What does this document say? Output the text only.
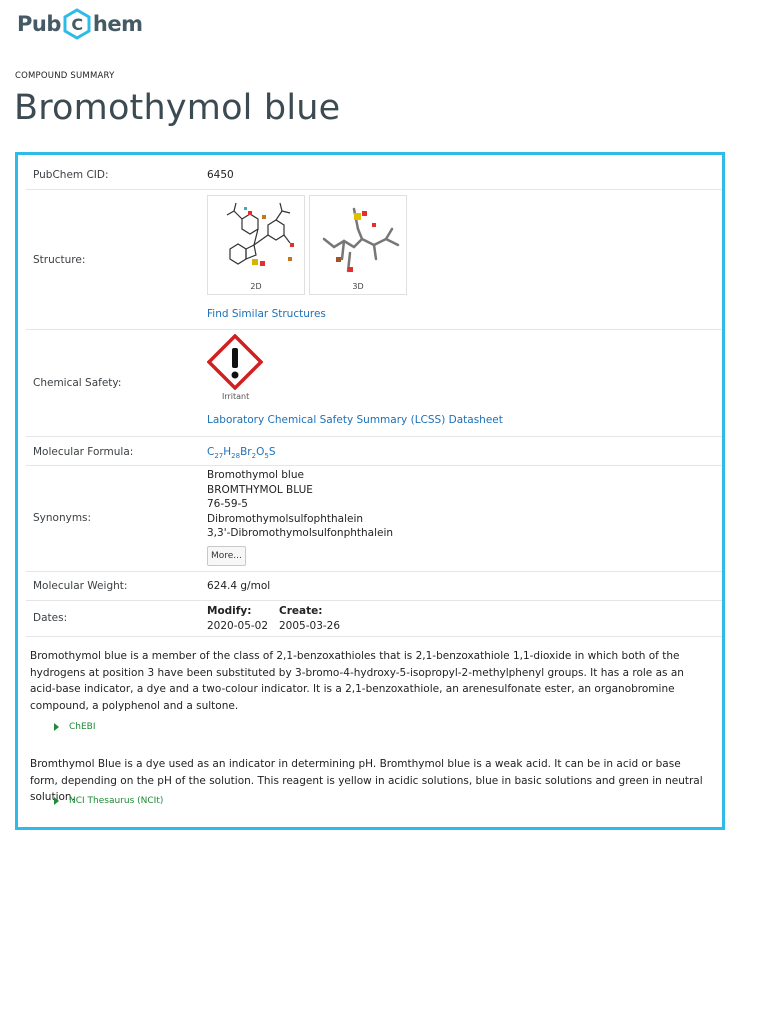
Pub C hem
COMPOUND SUMMARY
Bromothymol blue
PubChem CID:	6450
Structure:
2D	3D
Find Similar Structures
Chemical Safety:
Irritant
Laboratory Chemical Safety Summary (LCSS) Datasheet
Molecular Formula:	$C_{27}H_{28}Br_2O_5S$
Synonyms:
Bromothymol blue
BROMTHYMOL BLUE
76-59-5
Dibromothymolsulfophthalein
3,3'-Dibromothymolsulfonphthalein
More...
Molecular Weight:	624.4 g/mol
Dates:
Modify:
2020-05-02
Create:
2005-03-26
Bromothymol blue is a member of the class of 2,1-benzoxathioles that is 2,1-benzoxathiole 1,1-dioxide in which both of the hydrogens at position 3 have been substituted by 3-bromo-4-hydroxy-5-isopropyl-2-methylphenyl groups. It has a role as an acid-base indicator, a dye and a two-colour indicator. It is a 2,1-benzoxathiole, an arenesulfonate ester, an organobromine compound, a polyphenol and a sultone.
ChEBI
Bromthymol Blue is a dye used as an indicator in determining pH. Bromthymol blue is a weak acid. It can be in acid or base form, depending on the pH of the solution. This reagent is yellow in acidic solutions, blue in basic solutions and green in neutral solution.
NCI Thesaurus (NCIt)
